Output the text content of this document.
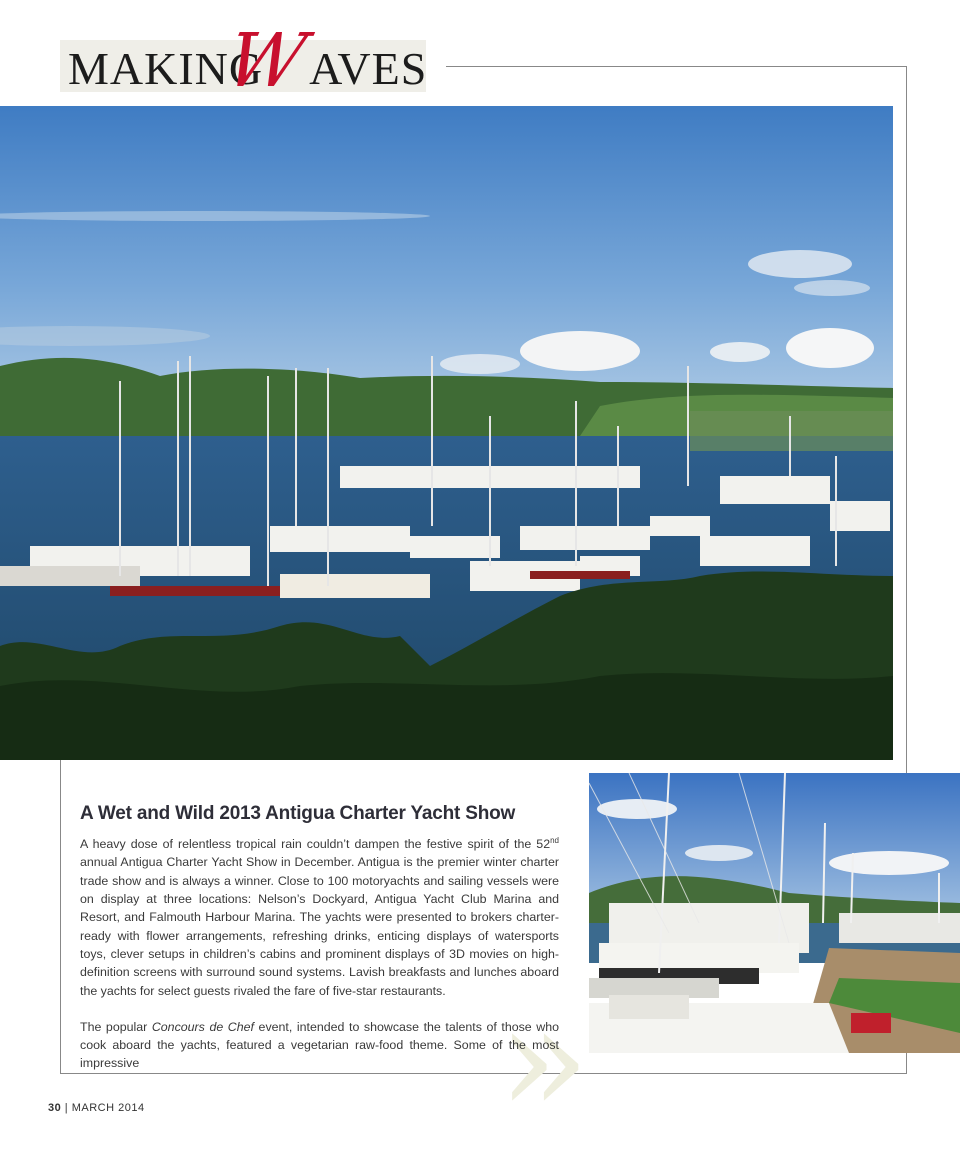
MAKING AVES
W
A Wet and Wild 2013 Antigua Charter Yacht Show
»

A heavy dose of relentless tropical rain couldn’t dampen the festive spirit of the 52nd annual Antigua Charter Yacht Show in December. Antigua is the premier winter charter trade show and is always a winner. Close to 100 motoryachts and sailing vessels were on display at three locations: Nelson’s Dockyard, Antigua Yacht Club Marina and Resort, and Falmouth Harbour Marina. The yachts were presented to brokers charter-ready with flower arrangements, refreshing drinks, enticing displays of watersports toys, clever setups in children’s cabins and prominent displays of 3D movies on high-definition screens with surround sound systems. Lavish breakfasts and lunches aboard the yachts for select guests rivaled the fare of five-star restaurants.

The popular Concours de Chef event, intended to showcase the talents of those who cook aboard the yachts, featured a vegetarian raw-food theme. Some of the most impressive

30 | MARCH 2014
